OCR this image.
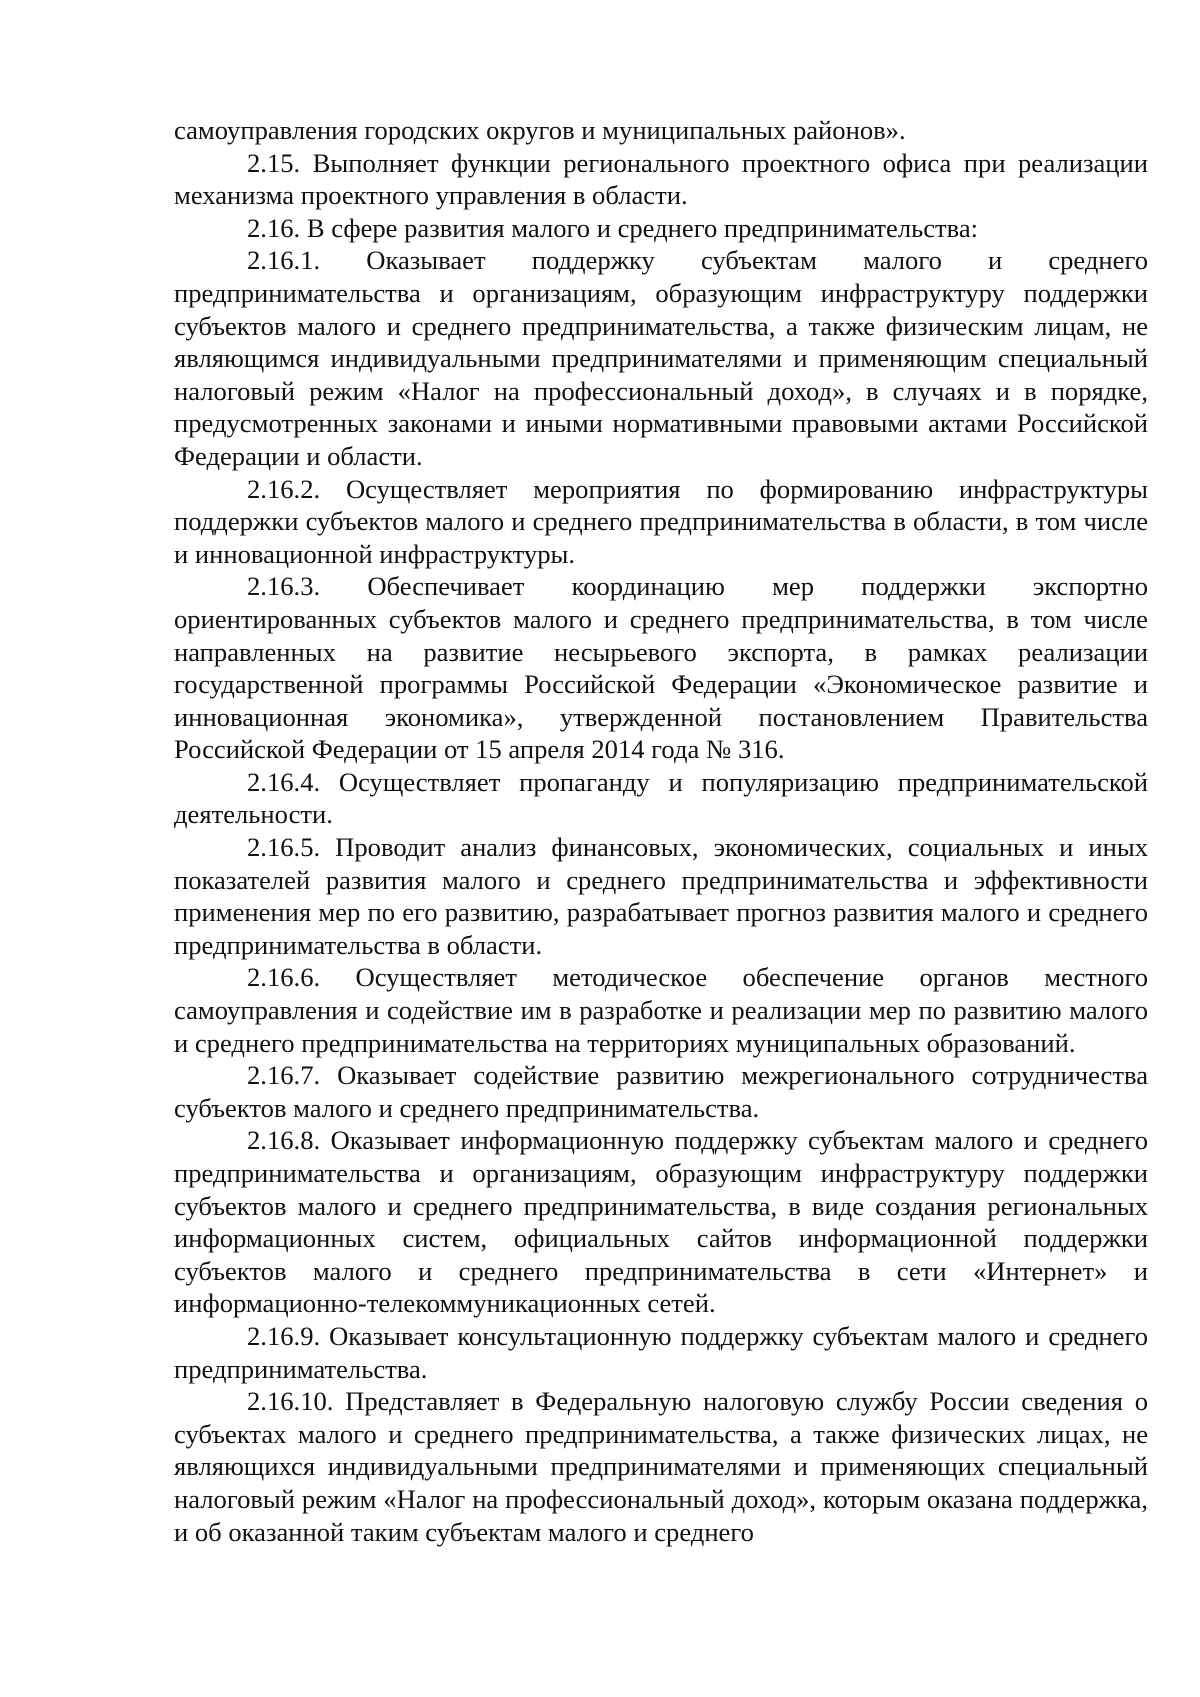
самоуправления городских округов и муниципальных районов».

2.15. Выполняет функции регионального проектного офиса при реализации механизма проектного управления в области.

2.16. В сфере развития малого и среднего предпринимательства:

2.16.1. Оказывает поддержку субъектам малого и среднего предпринимательства и организациям, образующим инфраструктуру поддержки субъектов малого и среднего предпринимательства, а также физическим лицам, не являющимся индивидуальными предпринимателями и применяющим специальный налоговый режим «Налог на профессиональный доход», в случаях и в порядке, предусмотренных законами и иными нормативными правовыми актами Российской Федерации и области.

2.16.2. Осуществляет мероприятия по формированию инфраструктуры поддержки субъектов малого и среднего предпринимательства в области, в том числе и инновационной инфраструктуры.

2.16.3. Обеспечивает координацию мер поддержки экспортно ориентированных субъектов малого и среднего предпринимательства, в том числе направленных на развитие несырьевого экспорта, в рамках реализации государственной программы Российской Федерации «Экономическое развитие и инновационная экономика», утвержденной постановлением Правительства Российской Федерации от 15 апреля 2014 года № 316.

2.16.4. Осуществляет пропаганду и популяризацию предпринимательской деятельности.

2.16.5. Проводит анализ финансовых, экономических, социальных и иных показателей развития малого и среднего предпринимательства и эффективности применения мер по его развитию, разрабатывает прогноз развития малого и среднего предпринимательства в области.

2.16.6. Осуществляет методическое обеспечение органов местного самоуправления и содействие им в разработке и реализации мер по развитию малого и среднего предпринимательства на территориях муниципальных образований.

2.16.7. Оказывает содействие развитию межрегионального сотрудничества субъектов малого и среднего предпринимательства.

2.16.8. Оказывает информационную поддержку субъектам малого и среднего предпринимательства и организациям, образующим инфраструктуру поддержки субъектов малого и среднего предпринимательства, в виде создания региональных информационных систем, официальных сайтов информационной поддержки субъектов малого и среднего предпринимательства в сети «Интернет» и информационно-телекоммуникационных сетей.

2.16.9. Оказывает консультационную поддержку субъектам малого и среднего предпринимательства.

2.16.10. Представляет в Федеральную налоговую службу России сведения о субъектах малого и среднего предпринимательства, а также физических лицах, не являющихся индивидуальными предпринимателями и применяющих специальный налоговый режим «Налог на профессиональный доход», которым оказана поддержка, и об оказанной таким субъектам малого и среднего
